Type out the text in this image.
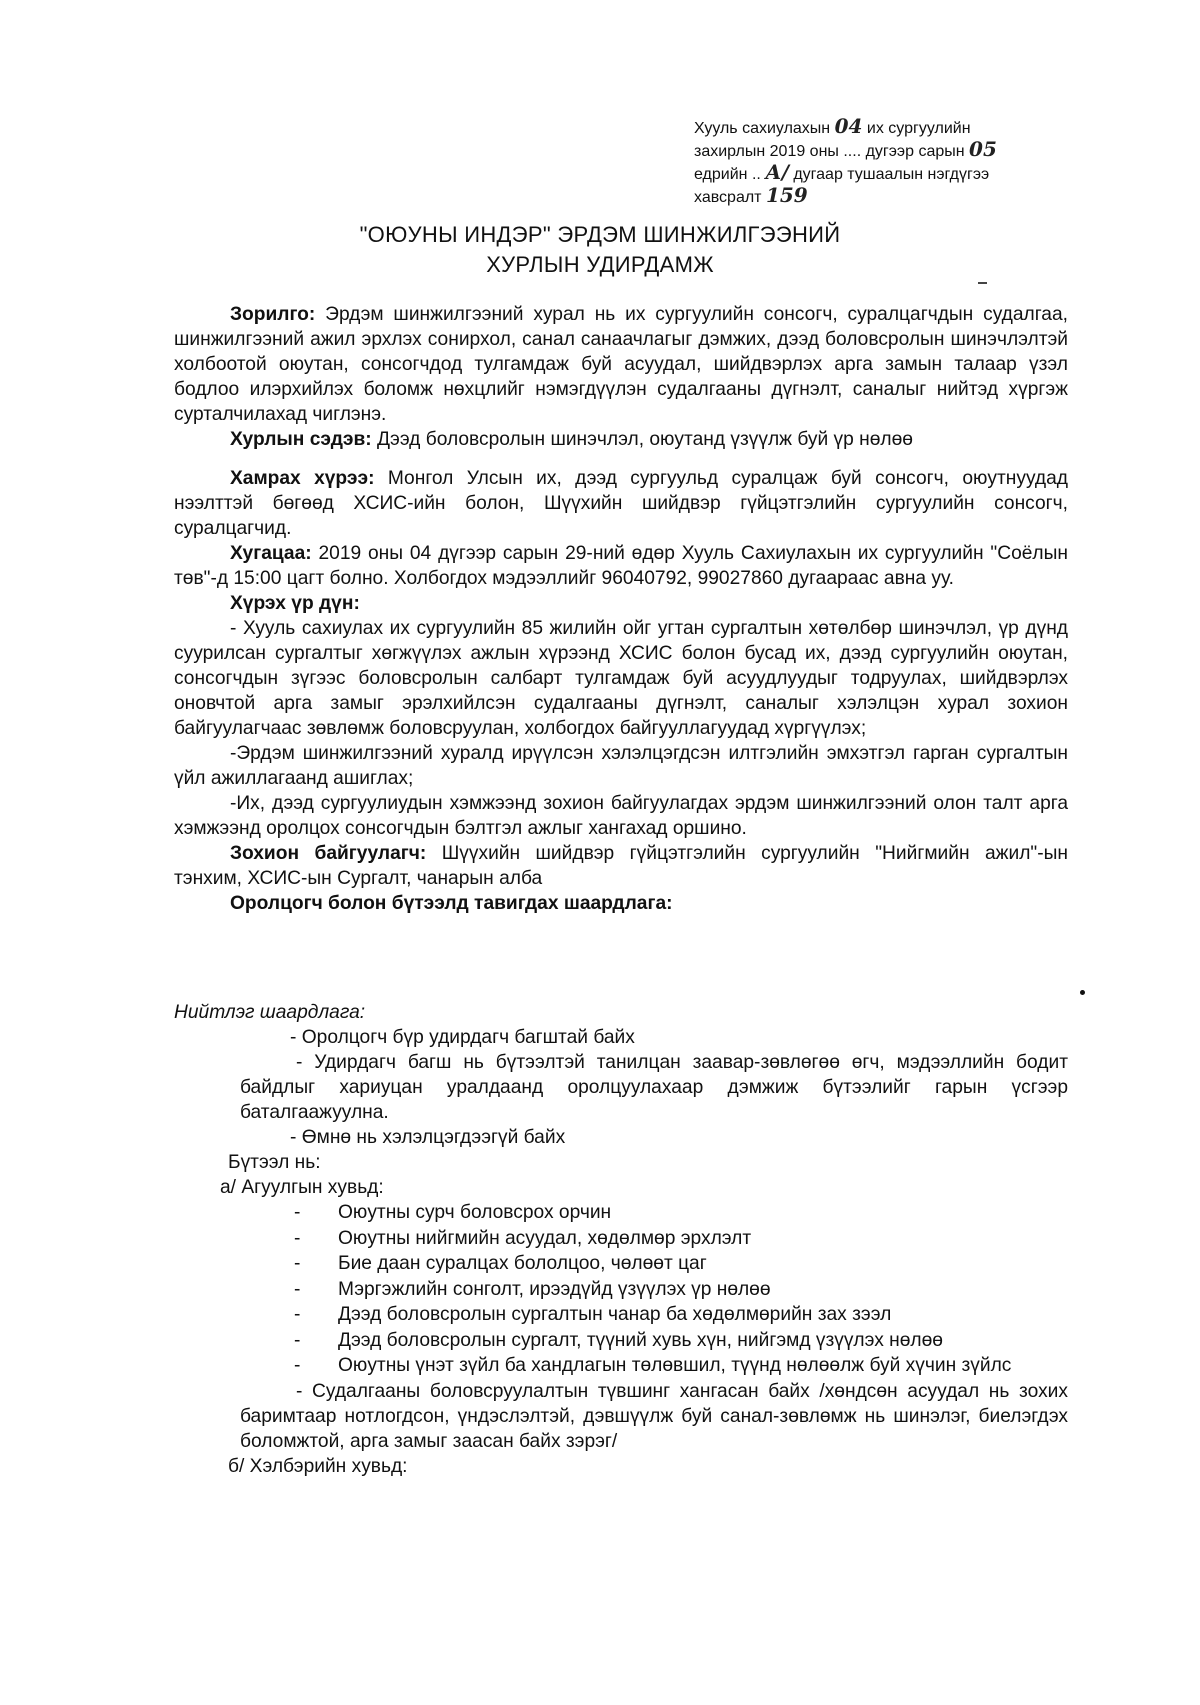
Хууль сахиулахын 04 их сургуулийн
захирлын 2019 оны .... дугээр сарын 05
едрийн .. А/ дугаар тушаалын нэгдүгээ
хавсралт 159
"ОЮУНЫ ИНДЭР" ЭРДЭМ ШИНЖИЛГЭЭНИЙ
ХУРЛЫН УДИРДАМЖ

Зорилго: Эрдэм шинжилгээний хурал нь их сургуулийн сонсогч, суралцагчдын судалгаа, шинжилгээний ажил эрхлэх сонирхол, санал санаачлагыг дэмжих, дээд боловсролын шинэчлэлтэй холбоотой оюутан, сонсогчдод тулгамдаж буй асуудал, шийдвэрлэх арга замын талаар үзэл бодлоо илэрхийлэх боломж нөхцлийг нэмэгдүүлэн судалгааны дүгнэлт, саналыг нийтэд хүргэж сурталчилахад чиглэнэ.

Хурлын сэдэв: Дээд боловсролын шинэчлэл, оюутанд үзүүлж буй үр нөлөө

Хамрах хүрээ: Монгол Улсын их, дээд сургуульд суралцаж буй сонсогч, оюутнуудад нээлттэй бөгөөд ХСИС-ийн болон, Шүүхийн шийдвэр гүйцэтгэлийн сургуулийн сонсогч, суралцагчид.

Хугацаа: 2019 оны 04 дүгээр сарын 29-ний өдөр Хууль Сахиулахын их сургуулийн "Соёлын төв"-д 15:00 цагт болно. Холбогдох мэдээллийг 96040792, 99027860 дугаараас авна уу.

Хүрэх үр дүн:

- Хууль сахиулах их сургуулийн 85 жилийн ойг угтан сургалтын хөтөлбөр шинэчлэл, үр дүнд суурилсан сургалтыг хөгжүүлэх ажлын хүрээнд ХСИС болон бусад их, дээд сургуулийн оюутан, сонсогчдын зүгээс боловсролын салбарт тулгамдаж буй асуудлуудыг тодруулах, шийдвэрлэх оновчтой арга замыг эрэлхийлсэн судалгааны дүгнэлт, саналыг хэлэлцэн хурал зохион байгуулагчаас зөвлөмж боловсруулан, холбогдох байгууллагуудад хүргүүлэх;

-Эрдэм шинжилгээний хуралд ирүүлсэн хэлэлцэгдсэн илтгэлийн эмхэтгэл гарган сургалтын үйл ажиллагаанд ашиглах;

-Их, дээд сургуулиудын хэмжээнд зохион байгуулагдах эрдэм шинжилгээний олон талт арга хэмжээнд оролцох сонсогчдын бэлтгэл ажлыг хангахад оршино.

Зохион байгуулагч: Шүүхийн шийдвэр гүйцэтгэлийн сургуулийн "Нийгмийн ажил"-ын тэнхим, ХСИС-ын Сургалт, чанарын алба

Оролцогч болон бүтээлд тавигдах шаардлага:

Нийтлэг шаардлага:

- Оролцогч бүр удирдагч багштай байх

- Удирдагч багш нь бүтээлтэй танилцан заавар-зөвлөгөө өгч, мэдээллийн бодит байдлыг хариуцан уралдаанд оролцуулахаар дэмжиж бүтээлийг гарын үсгээр баталгаажуулна.

- Өмнө нь хэлэлцэгдээгүй байх

Бүтээл нь:

а/ Агуулгын хувьд:

- Оюутны сурч боловсрох орчин
- Оюутны нийгмийн асуудал, хөдөлмөр эрхлэлт
- Бие даан суралцах бололцоо, чөлөөт цаг
- Мэргэжлийн сонголт, ирээдүйд үзүүлэх үр нөлөө
- Дээд боловсролын сургалтын чанар ба хөдөлмөрийн зах зээл
- Дээд боловсролын сургалт, түүний хувь хүн, нийгэмд үзүүлэх нөлөө
- Оюутны үнэт зүйл ба хандлагын төлөвшил, түүнд нөлөөлж буй хүчин зүйлс

- Судалгааны боловсруулалтын түвшинг хангасан байх /хөндсөн асуудал нь зохих баримтаар нотлогдсон, үндэслэлтэй, дэвшүүлж буй санал-зөвлөмж нь шинэлэг, биелэгдэх боломжтой, арга замыг заасан байх зэрэг/

б/ Хэлбэрийн хувьд:
